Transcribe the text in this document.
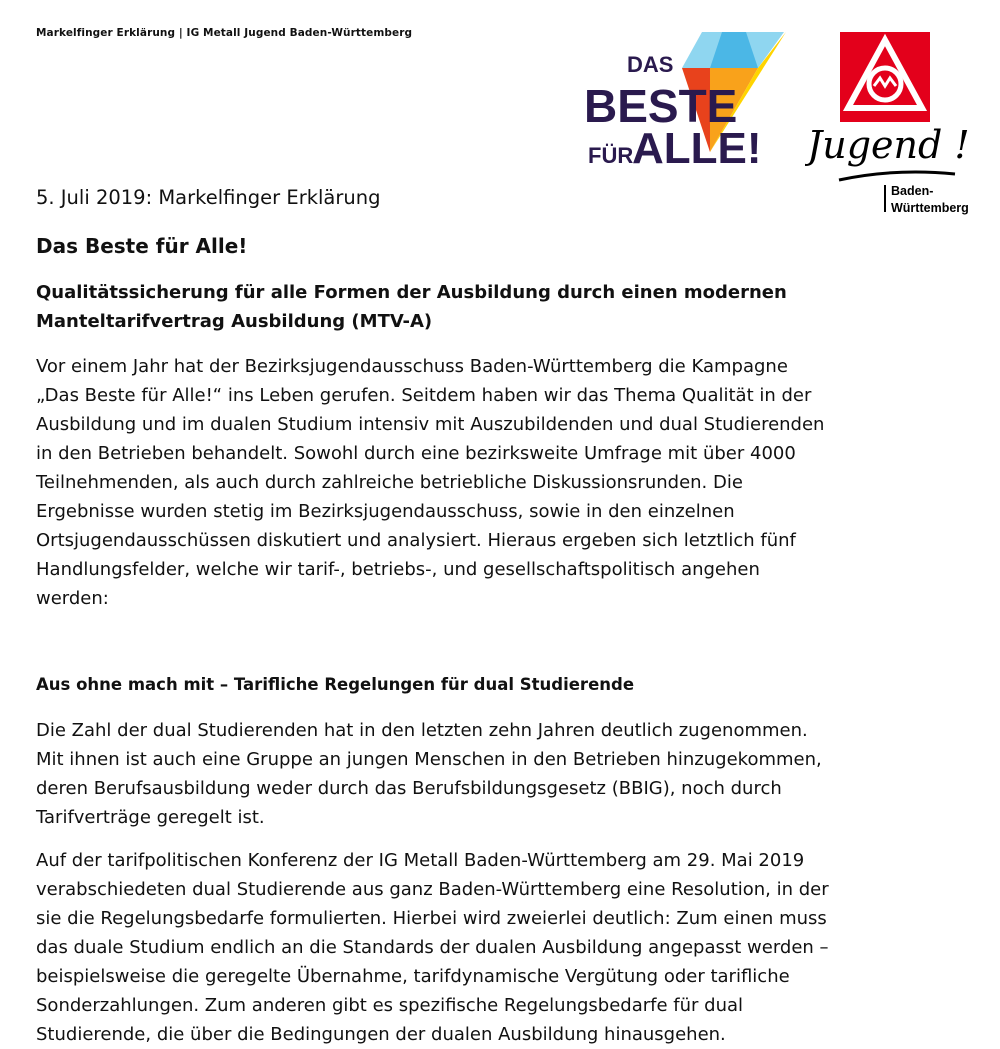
Markelfinger Erklärung | IG Metall Jugend Baden-Württemberg
DAS
BESTE
FÜR
ALLE! Jugend !
Baden-
Württemberg

5. Juli 2019: Markelfinger Erklärung

Das Beste für Alle!
Qualitätssicherung für alle Formen der Ausbildung durch einen modernen Manteltarifvertrag Ausbildung (MTV-A)

Vor einem Jahr hat der Bezirksjugendausschuss Baden-Württemberg die Kampagne „Das Beste für Alle!“ ins Leben gerufen. Seitdem haben wir das Thema Qualität in der Ausbildung und im dualen Studium intensiv mit Auszubildenden und dual Studierenden in den Betrieben behandelt. Sowohl durch eine bezirksweite Umfrage mit über 4000 Teilnehmenden, als auch durch zahlreiche betriebliche Diskussionsrunden. Die Ergebnisse wurden stetig im Bezirksjugendausschuss, sowie in den einzelnen Ortsjugendausschüssen diskutiert und analysiert. Hieraus ergeben sich letztlich fünf Handlungsfelder, welche wir tarif-, betriebs-, und gesellschaftspolitisch angehen werden:

Aus ohne mach mit – Tarifliche Regelungen für dual Studierende

Die Zahl der dual Studierenden hat in den letzten zehn Jahren deutlich zugenommen. Mit ihnen ist auch eine Gruppe an jungen Menschen in den Betrieben hinzugekommen, deren Berufsausbildung weder durch das Berufsbildungsgesetz (BBIG), noch durch Tarifverträge geregelt ist.

Auf der tarifpolitischen Konferenz der IG Metall Baden-Württemberg am 29. Mai 2019 verabschiedeten dual Studierende aus ganz Baden-Württemberg eine Resolution, in der sie die Regelungsbedarfe formulierten. Hierbei wird zweierlei deutlich: Zum einen muss das duale Studium endlich an die Standards der dualen Ausbildung angepasst werden – beispielsweise die geregelte Übernahme, tarifdynamische Vergütung oder tarifliche Sonderzahlungen. Zum anderen gibt es spezifische Regelungsbedarfe für dual Studierende, die über die Bedingungen der dualen Ausbildung hinausgehen.
